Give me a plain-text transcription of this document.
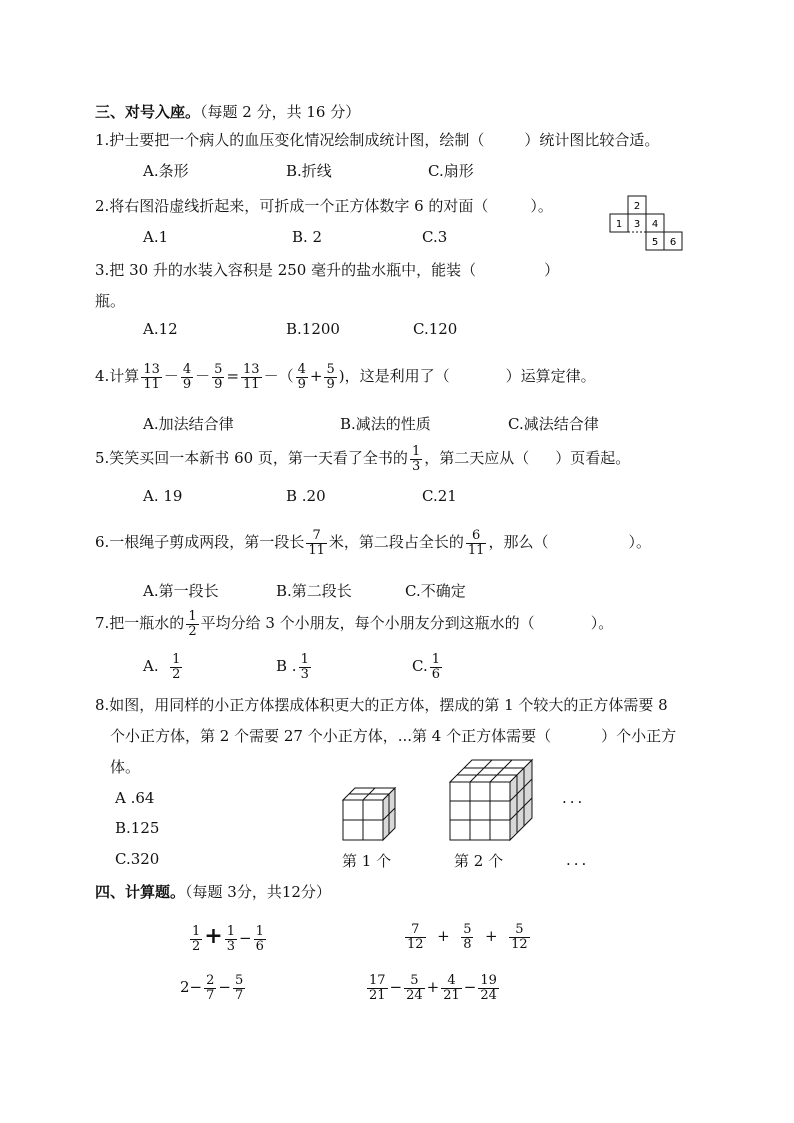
三、对号入座。（每题 2 分，共 16 分）
1.护士要把一个病人的血压变化情况绘制成统计图，绘制（	）统计图比较合适。
A.条形	B.折线	C.扇形
2.将右图沿虚线折起来，可折成一个正方体数字 6 的对面（	）。
A.1	B. 2	C.3
2
1 3 4
5 6
3.把 30 升的水装入容积是 250 毫升的盐水瓶中，能装（	）
瓶。
A.12	B.1200	C.120
4.计算 $\frac{13}{11} - \frac{4}{9} - \frac{5}{9} = \frac{13}{11}$ －（ $\frac{4}{9} + \frac{5}{9}$ )，这是利用了（	）运算定律。
A.加法结合律	B.减法的性质	C.减法结合律
5.笑笑买回一本新书 60 页，第一天看了全书的 $\frac{1}{3}$ ，第二天应从（ ）页看起。
A. 19	B .20	C.21
6.一根绳子剪成两段，第一段长 $\frac{7}{11}$ 米，第二段占全长的 $\frac{6}{11}$ ，那么（	）。
A.第一段长	B.第二段长	C.不确定
7.把一瓶水的 $\frac{1}{2}$ 平均分给 3 个小朋友，每个小朋友分到这瓶水的（	）。
A. $\frac{1}{2}$	B . $\frac{1}{3}$	C. $\frac{1}{6}$
8.如图，用同样的小正方体摆成体积更大的正方体，摆成的第 1 个较大的正方体需要 8
个小正方体，第 2 个需要 27 个小正方体，...第 4 个正方体需要（	）个小正方
体。
A .64
B.125
C.320
...
第 1 个	第 2 个	...
四、计算题。（每题 3分，共12分）
$\frac{1}{2} + \frac{1}{3} - \frac{1}{6}$	$\frac{7}{12} + \frac{5}{8} + \frac{5}{12}$
$2- \frac{2}{7} - \frac{5}{7}$	$\frac{17}{21} - \frac{5}{24} + \frac{4}{21} - \frac{19}{24}$
